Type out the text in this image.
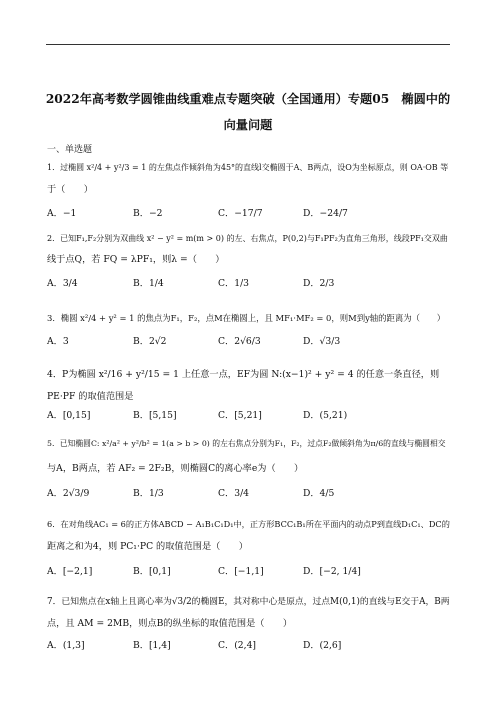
2022年高考数学圆锥曲线重难点专题突破（全国通用）专题05　椭圆中的
向量问题
一、单选题
1．过椭圆 x²/4 + y²/3 = 1 的左焦点作倾斜角为45°的直线l交椭圆于A、B两点，设O为坐标原点，则 OA·OB 等
于（　　）
A．−1	B．−2	C．−17/7	D．−24/7
2．已知F₁,F₂分别为双曲线 x² − y² = m(m > 0) 的左、右焦点，P(0,2)与F₁PF₂为直角三角形，线段PF₁交双曲
线于点Q，若 FQ = λPF₁，则λ =（　　）
A．3/4	B．1/4	C．1/3	D．2/3
3．椭圆 x²/4 + y² = 1 的焦点为F₁，F₂，点M在椭圆上，且 MF₁·MF₂ = 0，则M到y轴的距离为（　　）
A．3	B．2√2	C．2√6/3	D．√3/3
4．P为椭圆 x²/16 + y²/15 = 1 上任意一点，EF为圆 N:(x−1)² + y² = 4 的任意一条直径，则
PE·PF 的取值范围是
A．[0,15]	B．[5,15]	C．[5,21]	D．(5,21)
5．已知椭圆C: x²/a² + y²/b² = 1(a > b > 0) 的左右焦点分别为F₁，F₂，过点F₂做倾斜角为π/6的直线与椭圆相交
与A，B两点，若 AF₂ = 2F₂B，则椭圆C的离心率e为（　　）
A．2√3/9	B．1/3	C．3/4	D．4/5
6．在对角线AC₁ = 6的正方体ABCD − A₁B₁C₁D₁中，正方形BCC₁B₁所在平面内的动点P到直线D₁C₁、DC的
距离之和为4，则 PC₁·PC 的取值范围是（　　）
A．[−2,1]	B．[0,1]	C．[−1,1]	D．[−2, 1/4]
7．已知焦点在x轴上且离心率为√3/2的椭圆E，其对称中心是原点，过点M(0,1)的直线与E交于A，B两
点，且 AM = 2MB，则点B的纵坐标的取值范围是（　　）
A．(1,3]	B．[1,4]	C．(2,4]	D．(2,6]
